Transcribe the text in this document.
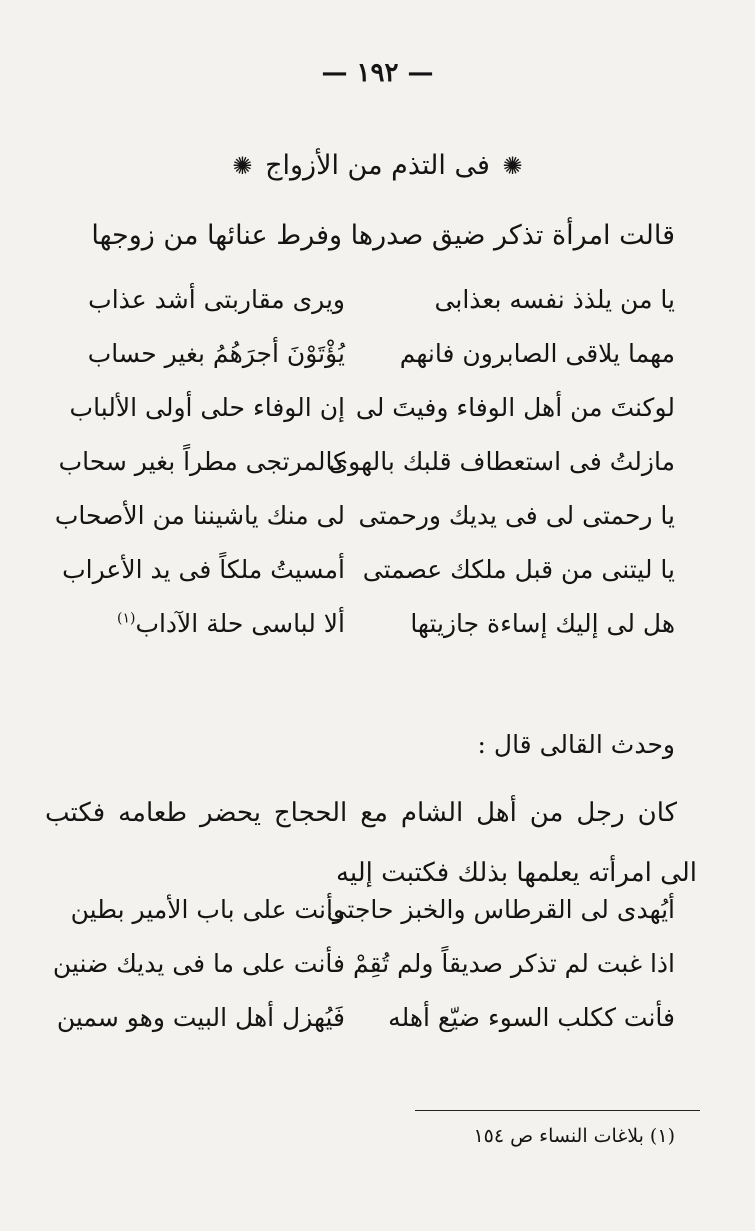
— ١٩٢ —
✺ فى التذم من الأزواج ✺
قالت امرأة تذكر ضيق صدرها وفرط عنائها من زوجها
يا من يلذذ نفسه بعذابى
ويرى مقاربتى أشد عذاب
مهما يلاقى الصابرون فانهم
يُؤْتَوْنَ أجرَهُمُ بغير حساب
لوكنتَ من أهل الوفاء وفيتَ لى
إن الوفاء حلى أولى الألباب
مازلتُ فى استعطاف قلبك بالهوى
كالمرتجى مطراً بغير سحاب
يا رحمتى لى فى يديك ورحمتى
لى منك ياشيننا من الأصحاب
يا ليتنى من قبل ملكك عصمتى
أمسيتُ ملكاً فى يد الأعراب
هل لى إليك إساءة جازيتها
ألا لباسى حلة الآداب$^{(١)}$
وحدث القالى قال :
كان رجل من أهل الشام مع الحجاج يحضر طعامه فكتب الى امرأته يعلمها بذلك فكتبت إليه
أيُهدى لى القرطاس والخبز حاجتى
وأنت على باب الأمير بطين
اذا غبت لم تذكر صديقاً ولم تُقِمْ
فأنت على ما فى يديك ضنين
فأنت ككلب السوء ضيّع أهله
فَيُهزل أهل البيت وهو سمين
(١) بلاغات النساء ص ١٥٤
